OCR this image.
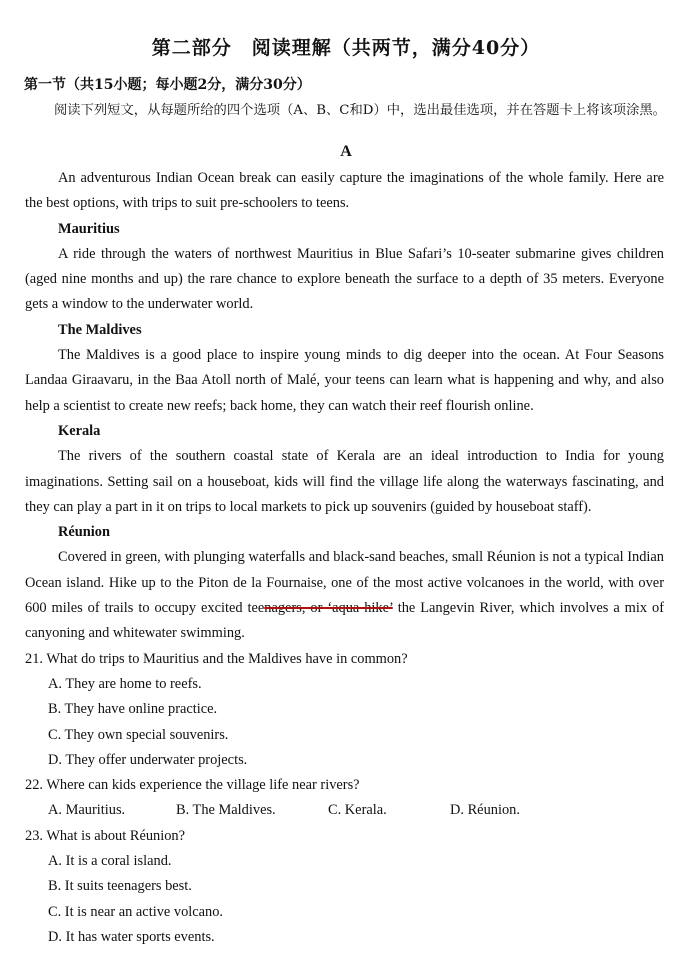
第二部分　阅读理解（共两节，满分40分）
第一节（共15小题；每小题2分，满分30分）
阅读下列短文，从每题所给的四个选项（A、B、C和D）中，选出最佳选项，并在答题卡上将该项涂黑。
A

An adventurous Indian Ocean break can easily capture the imaginations of the whole family. Here are the best options, with trips to suit pre-schoolers to teens.

Mauritius

A ride through the waters of northwest Mauritius in Blue Safari’s 10-seater submarine gives children (aged nine months and up) the rare chance to explore beneath the surface to a depth of 35 meters. Everyone gets a window to the underwater world.

The Maldives

The Maldives is a good place to inspire young minds to dig deeper into the ocean. At Four Seasons Landaa Giraavaru, in the Baa Atoll north of Malé, your teens can learn what is happening and why, and also help a scientist to create new reefs; back home, they can watch their reef flourish online.

Kerala

The rivers of the southern coastal state of Kerala are an ideal introduction to India for young imaginations. Setting sail on a houseboat, kids will find the village life along the waterways fascinating, and they can play a part in it on trips to local markets to pick up souvenirs (guided by houseboat staff).

Réunion

Covered in green, with plunging waterfalls and black-sand beaches, small Réunion is not a typical Indian Ocean island. Hike up to the Piton de la Fournaise, one of the most active volcanoes in the world, with over 600 miles of trails to occupy excited teenagers, or ‘aqua hike’ the Langevin River, which involves a mix of canyoning and whitewater swimming.

21. What do trips to Mauritius and the Maldives have in common?

A. They are home to reefs.

B. They have online practice.

C. They own special souvenirs.

D. They offer underwater projects.

22. Where can kids experience the village life near rivers?

A. Mauritius.	B. The Maldives.	C. Kerala.	D. Réunion.

23. What is about Réunion?

A. It is a coral island.

B. It suits teenagers best.

C. It is near an active volcano.

D. It has water sports events.
